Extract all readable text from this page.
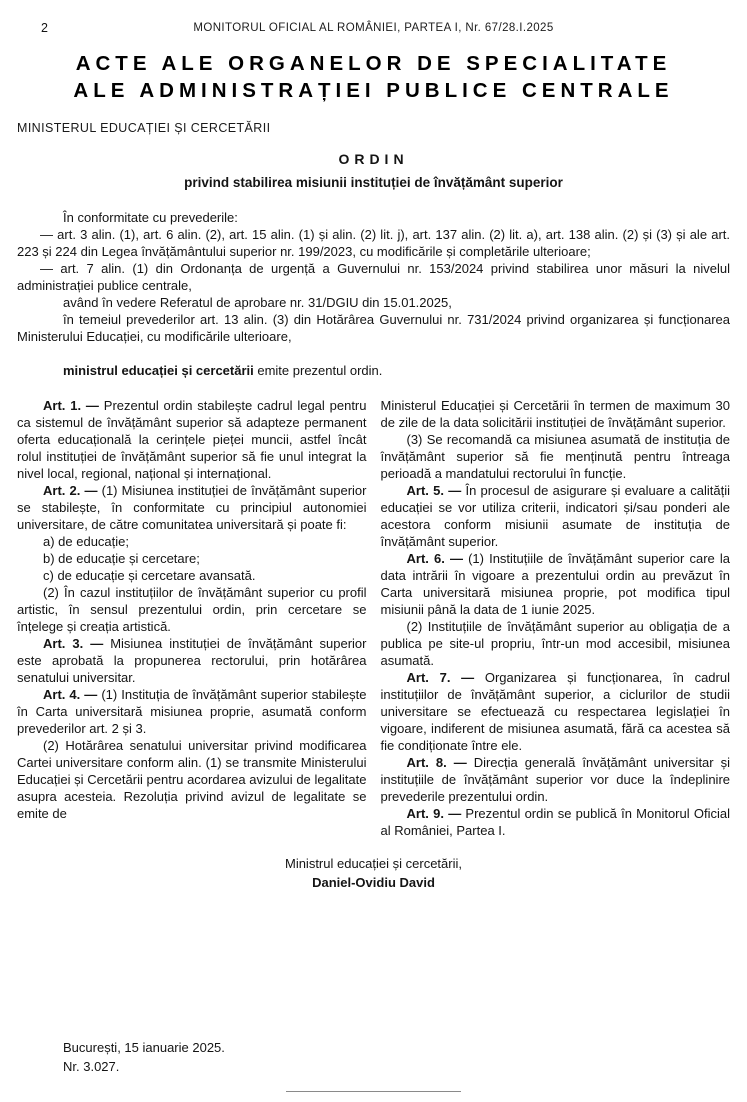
2	MONITORUL OFICIAL AL ROMÂNIEI, PARTEA I, Nr. 67/28.I.2025
ACTE ALE ORGANELOR DE SPECIALITATE
ALE ADMINISTRAȚIEI PUBLICE CENTRALE
MINISTERUL EDUCAȚIEI ȘI CERCETĂRII
ORDIN
privind stabilirea misiunii instituției de învățământ superior

În conformitate cu prevederile:

— art. 3 alin. (1), art. 6 alin. (2), art. 15 alin. (1) și alin. (2) lit. j), art. 137 alin. (2) lit. a), art. 138 alin. (2) și (3) și ale art. 223 și 224 din Legea învățământului superior nr. 199/2023, cu modificările și completările ulterioare;

— art. 7 alin. (1) din Ordonanța de urgență a Guvernului nr. 153/2024 privind stabilirea unor măsuri la nivelul administrației publice centrale,

având în vedere Referatul de aprobare nr. 31/DGIU din 15.01.2025,

în temeiul prevederilor art. 13 alin. (3) din Hotărârea Guvernului nr. 731/2024 privind organizarea și funcționarea Ministerului Educației, cu modificările ulterioare,

ministrul educației și cercetării emite prezentul ordin.

Art. 1. — Prezentul ordin stabilește cadrul legal pentru ca sistemul de învățământ superior să adapteze permanent oferta educațională la cerințele pieței muncii, astfel încât rolul instituției de învățământ superior să fie unul integrat la nivel local, regional, național și internațional.

Art. 2. — (1) Misiunea instituției de învățământ superior se stabilește, în conformitate cu principiul autonomiei universitare, de către comunitatea universitară și poate fi:

a) de educație;

b) de educație și cercetare;

c) de educație și cercetare avansată.

(2) În cazul instituțiilor de învățământ superior cu profil artistic, în sensul prezentului ordin, prin cercetare se înțelege și creația artistică.

Art. 3. — Misiunea instituției de învățământ superior este aprobată la propunerea rectorului, prin hotărârea senatului universitar.

Art. 4. — (1) Instituția de învățământ superior stabilește în Carta universitară misiunea proprie, asumată conform prevederilor art. 2 și 3.

(2) Hotărârea senatului universitar privind modificarea Cartei universitare conform alin. (1) se transmite Ministerului Educației și Cercetării pentru acordarea avizului de legalitate asupra acesteia. Rezoluția privind avizul de legalitate se emite de

Ministerul Educației și Cercetării în termen de maximum 30 de zile de la data solicitării instituției de învățământ superior.

(3) Se recomandă ca misiunea asumată de instituția de învățământ superior să fie menținută pentru întreaga perioadă a mandatului rectorului în funcție.

Art. 5. — În procesul de asigurare și evaluare a calității educației se vor utiliza criterii, indicatori și/sau ponderi ale acestora conform misiunii asumate de instituția de învățământ superior.

Art. 6. — (1) Instituțiile de învățământ superior care la data intrării în vigoare a prezentului ordin au prevăzut în Carta universitară misiunea proprie, pot modifica tipul misiunii până la data de 1 iunie 2025.

(2) Instituțiile de învățământ superior au obligația de a publica pe site-ul propriu, într-un mod accesibil, misiunea asumată.

Art. 7. — Organizarea și funcționarea, în cadrul instituțiilor de învățământ superior, a ciclurilor de studii universitare se efectuează cu respectarea legislației în vigoare, indiferent de misiunea asumată, fără ca acestea să fie condiționate între ele.

Art. 8. — Direcția generală învățământ universitar și instituțiile de învățământ superior vor duce la îndeplinire prevederile prezentului ordin.

Art. 9. — Prezentul ordin se publică în Monitorul Oficial al României, Partea I.

Ministrul educației și cercetării,

Daniel-Ovidiu David

București, 15 ianuarie 2025.

Nr. 3.027.
